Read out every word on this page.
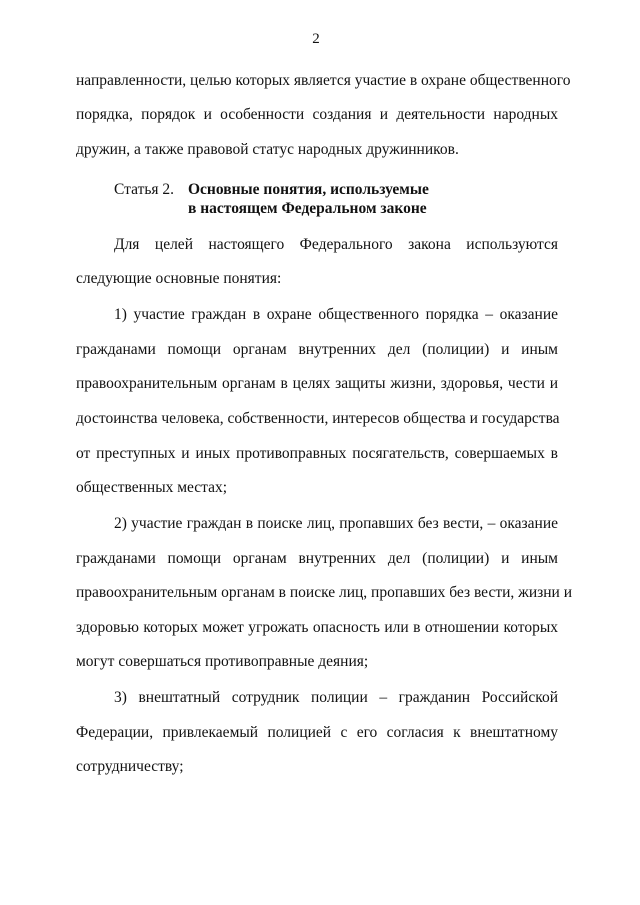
2
направленности, целью которых является участие в охране общественного
порядка, порядок и особенности создания и деятельности народных
дружин, а также правовой статус народных дружинников.
Статья 2. Основные понятия, используемые
в настоящем Федеральном законе
Для целей настоящего Федерального закона используются
следующие основные понятия:
1) участие граждан в охране общественного порядка – оказание
гражданами помощи органам внутренних дел (полиции) и иным
правоохранительным органам в целях защиты жизни, здоровья, чести и
достоинства человека, собственности, интересов общества и государства
от преступных и иных противоправных посягательств, совершаемых в
общественных местах;
2) участие граждан в поиске лиц, пропавших без вести, – оказание
гражданами помощи органам внутренних дел (полиции) и иным
правоохранительным органам в поиске лиц, пропавших без вести, жизни и
здоровью которых может угрожать опасность или в отношении которых
могут совершаться противоправные деяния;
3) внештатный сотрудник полиции – гражданин Российской
Федерации, привлекаемый полицией с его согласия к внештатному
сотрудничеству;
